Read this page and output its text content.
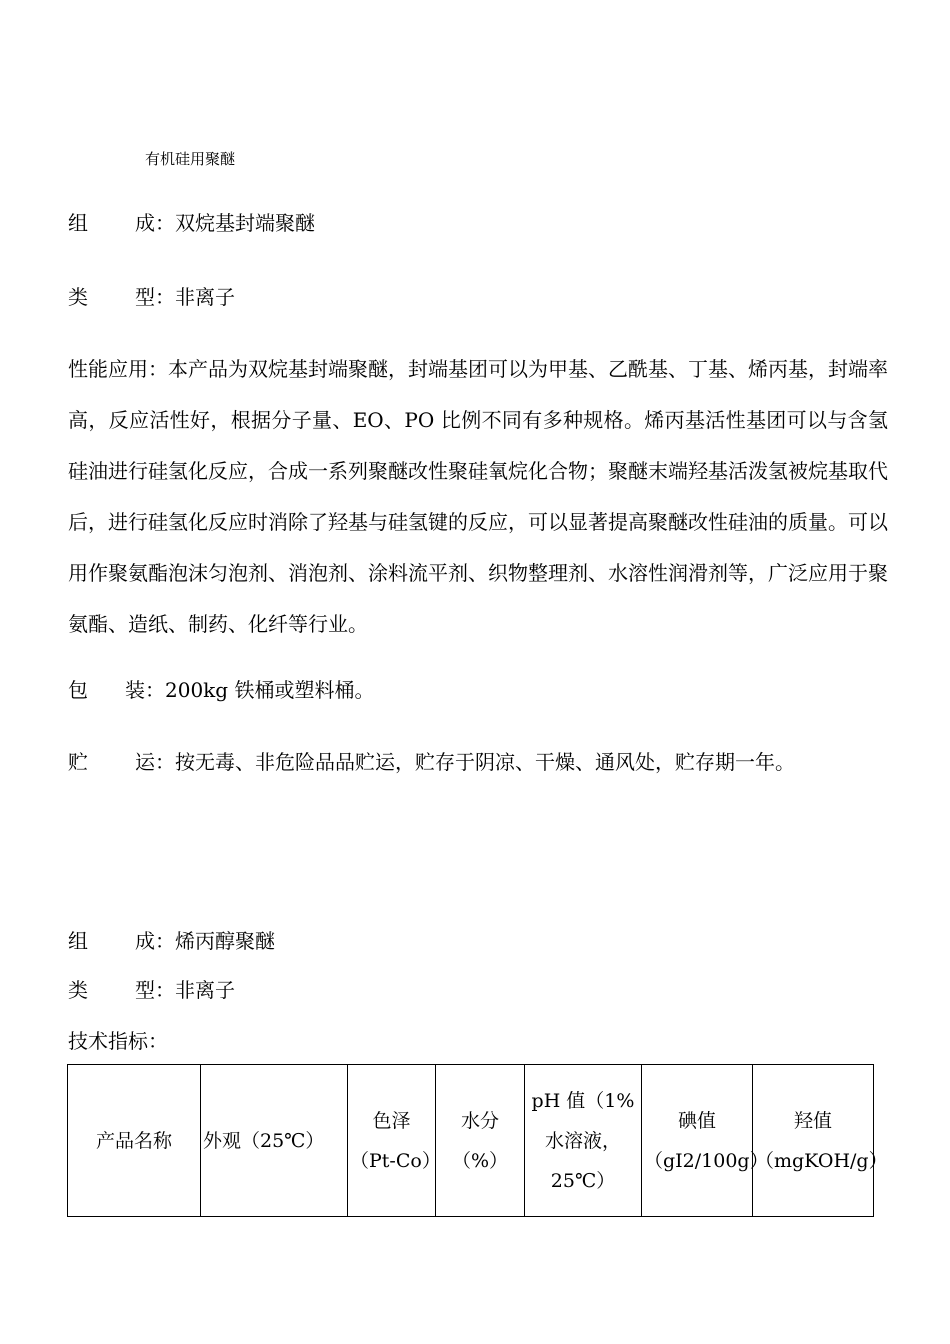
有机硅用聚醚
组 成：双烷基封端聚醚
类 型：非离子
性能应用：本产品为双烷基封端聚醚，封端基团可以为甲基、乙酰基、丁基、烯丙基，封端率高，反应活性好，根据分子量、EO、PO 比例不同有多种规格。烯丙基活性基团可以与含氢硅油进行硅氢化反应，合成一系列聚醚改性聚硅氧烷化合物；聚醚末端羟基活泼氢被烷基取代后，进行硅氢化反应时消除了羟基与硅氢键的反应，可以显著提高聚醚改性硅油的质量。可以用作聚氨酯泡沫匀泡剂、消泡剂、涂料流平剂、织物整理剂、水溶性润滑剂等，广泛应用于聚氨酯、造纸、制药、化纤等行业。
包 装：200kg 铁桶或塑料桶。
贮 运：按无毒、非危险品品贮运，贮存于阴凉、干燥、通风处，贮存期一年。
组 成：烯丙醇聚醚
类 型：非离子
技术指标：
产品名称	外观（25℃）	色泽（Pt-Co）	水分（%）	pH 值（1%水溶液，25℃）	碘值（gI2/100g）	羟值（mgKOH/g）
